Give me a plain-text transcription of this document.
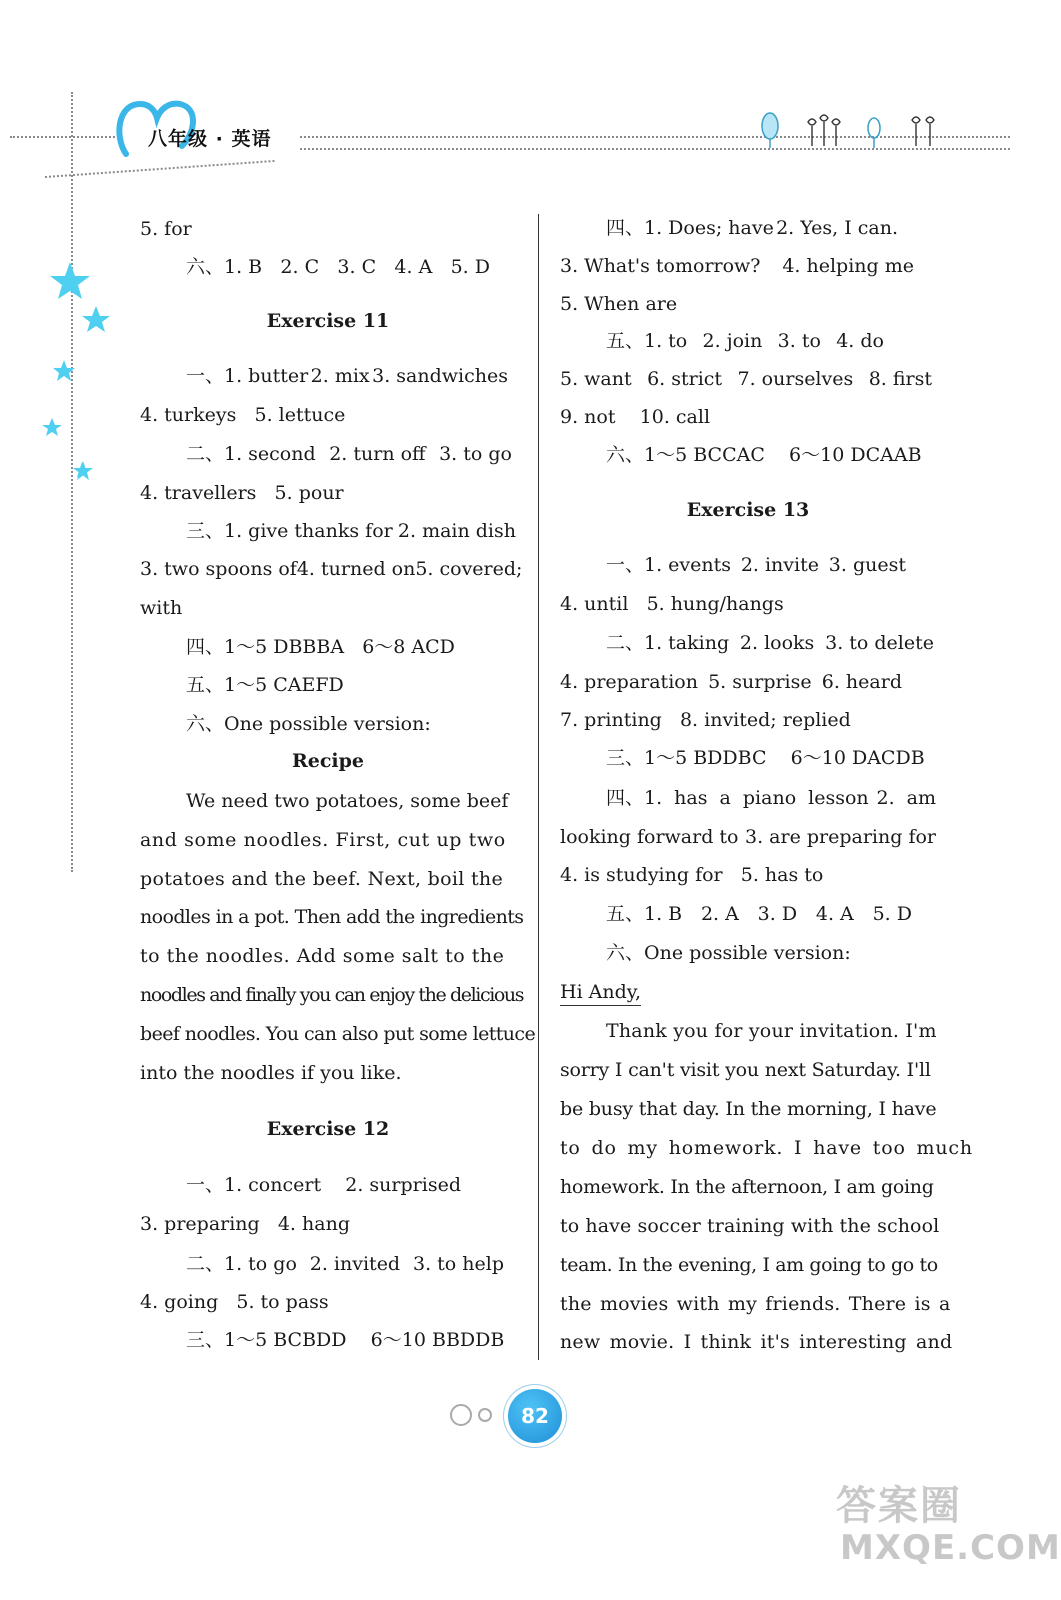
八年级 · 英语
5. for
六、1. B 2. C 3. C 4. A 5. D
Exercise 11
一、1. butter 2. mix 3. sandwiches
4. turkeys 5. lettuce
二、1. second 2. turn off 3. to go
4. travellers 5. pour
三、1. give thanks for 2. main dish
3. two spoons of 4. turned on 5. covered;
with
四、1～5 DBBBA 6～8 ACD
五、1～5 CAEFD
六、One possible version:
Recipe
We need two potatoes, some beef
and some noodles. First, cut up two
potatoes and the beef. Next, boil the
noodles in a pot. Then add the ingredients
to the noodles. Add some salt to the
noodles and finally you can enjoy the delicious
beef noodles. You can also put some lettuce
into the noodles if you like.
Exercise 12
一、1. concert 2. surprised
3. preparing 4. hang
二、1. to go 2. invited 3. to help
4. going 5. to pass
三、1～5 BCBDD 6～10 BBDDB
四、1. Does; have 2. Yes, I can.
3. What's tomorrow? 4. helping me
5. When are
五、1. to 2. join 3. to 4. do
5. want 6. strict 7. ourselves 8. first
9. not 10. call
六、1～5 BCCAC 6～10 DCAAB
Exercise 13
一、1. events 2. invite 3. guest
4. until 5. hung/hangs
二、1. taking 2. looks 3. to delete
4. preparation 5. surprise 6. heard
7. printing 8. invited; replied
三、1～5 BDDBC 6～10 DACDB
四、1. has a piano lesson 2. am
looking forward to 3. are preparing for
4. is studying for 5. has to
五、1. B 2. A 3. D 4. A 5. D
六、One possible version:
Hi Andy,
Thank you for your invitation. I'm
sorry I can't visit you next Saturday. I'll
be busy that day. In the morning, I have
to do my homework. I have too much
homework. In the afternoon, I am going
to have soccer training with the school
team. In the evening, I am going to go to
the movies with my friends. There is a
new movie. I think it's interesting and
82
答案圈
MXQE.COM
